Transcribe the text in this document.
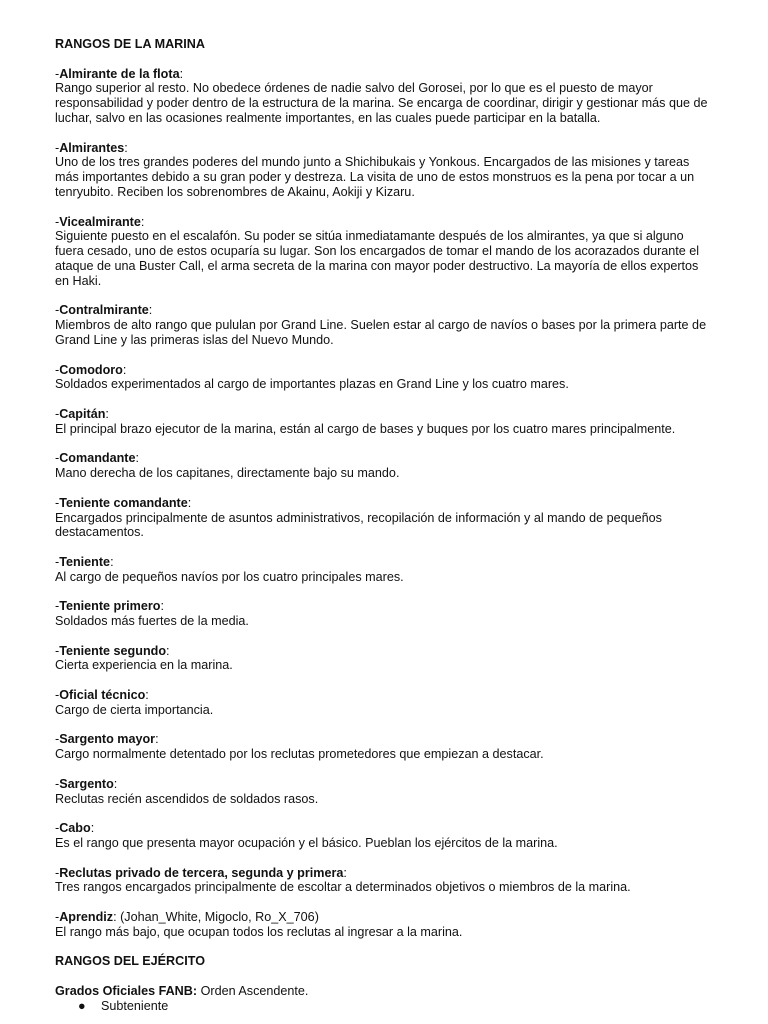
RANGOS DE LA MARINA

-Almirante de la flota:
Rango superior al resto. No obedece órdenes de nadie salvo del Gorosei, por lo que es el puesto de mayor responsabilidad y poder dentro de la estructura de la marina. Se encarga de coordinar, dirigir y gestionar más que de luchar, salvo en las ocasiones realmente importantes, en las cuales puede participar en la batalla.
-Almirantes:
Uno de los tres grandes poderes del mundo junto a Shichibukais y Yonkous. Encargados de las misiones y tareas más importantes debido a su gran poder y destreza. La visita de uno de estos monstruos es la pena por tocar a un tenryubito. Reciben los sobrenombres de Akainu, Aokiji y Kizaru.
-Vicealmirante:
Siguiente puesto en el escalafón. Su poder se sitúa inmediatamante después de los almirantes, ya que si alguno fuera cesado, uno de estos ocuparía su lugar. Son los encargados de tomar el mando de los acorazados durante el ataque de una Buster Call, el arma secreta de la marina con mayor poder destructivo. La mayoría de ellos expertos en Haki.
-Contralmirante:
Miembros de alto rango que pululan por Grand Line. Suelen estar al cargo de navíos o bases por la primera parte de Grand Line y las primeras islas del Nuevo Mundo.
-Comodoro:
Soldados experimentados al cargo de importantes plazas en Grand Line y los cuatro mares.
-Capitán:
El principal brazo ejecutor de la marina, están al cargo de bases y buques por los cuatro mares principalmente.
-Comandante:
Mano derecha de los capitanes, directamente bajo su mando.
-Teniente comandante:
Encargados principalmente de asuntos administrativos, recopilación de información y al mando de pequeños destacamentos.
-Teniente:
Al cargo de pequeños navíos por los cuatro principales mares.
-Teniente primero:
Soldados más fuertes de la media.
-Teniente segundo:
Cierta experiencia en la marina.
-Oficial técnico:
Cargo de cierta importancia.
-Sargento mayor:
Cargo normalmente detentado por los reclutas prometedores que empiezan a destacar.
-Sargento:
Reclutas recién ascendidos de soldados rasos.
-Cabo:
Es el rango que presenta mayor ocupación y el básico. Pueblan los ejércitos de la marina.
-Reclutas privado de tercera, segunda y primera:
Tres rangos encargados principalmente de escoltar a determinados objetivos o miembros de la marina.
-Aprendiz: (Johan_White, Migoclo, Ro_X_706)
El rango más bajo, que ocupan todos los reclutas al ingresar a la marina.

RANGOS DEL EJÉRCITO

Grados Oficiales FANB: Orden Ascendente.

● Subteniente
